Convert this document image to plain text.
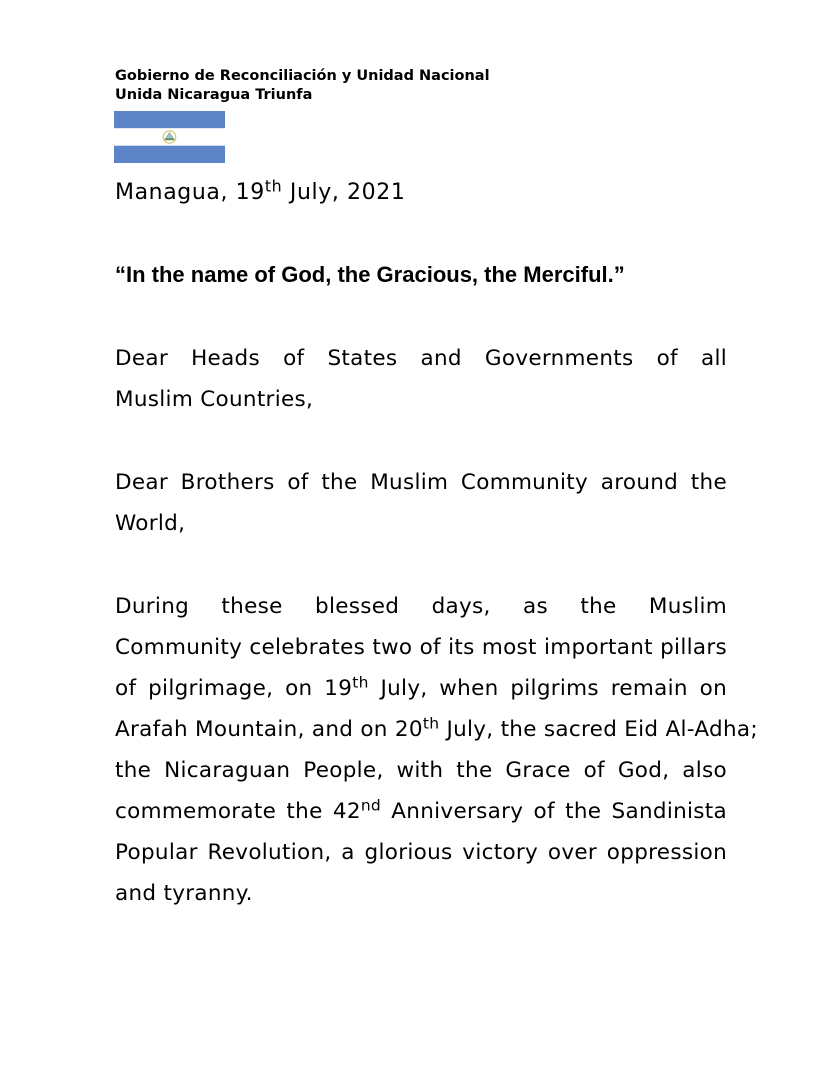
Gobierno de Reconciliación y Unidad Nacional
Unida Nicaragua Triunfa
Managua, 19th July, 2021
“In the name of God, the Gracious, the Merciful.”
Dear Heads of States and Governments of all
Muslim Countries,
Dear Brothers of the Muslim Community around the
World,
During these blessed days, as the Muslim
Community celebrates two of its most important pillars
of pilgrimage, on 19th July, when pilgrims remain on
Arafah Mountain, and on 20th July, the sacred Eid Al-Adha;
the Nicaraguan People, with the Grace of God, also
commemorate the 42nd Anniversary of the Sandinista
Popular Revolution, a glorious victory over oppression
and tyranny.
